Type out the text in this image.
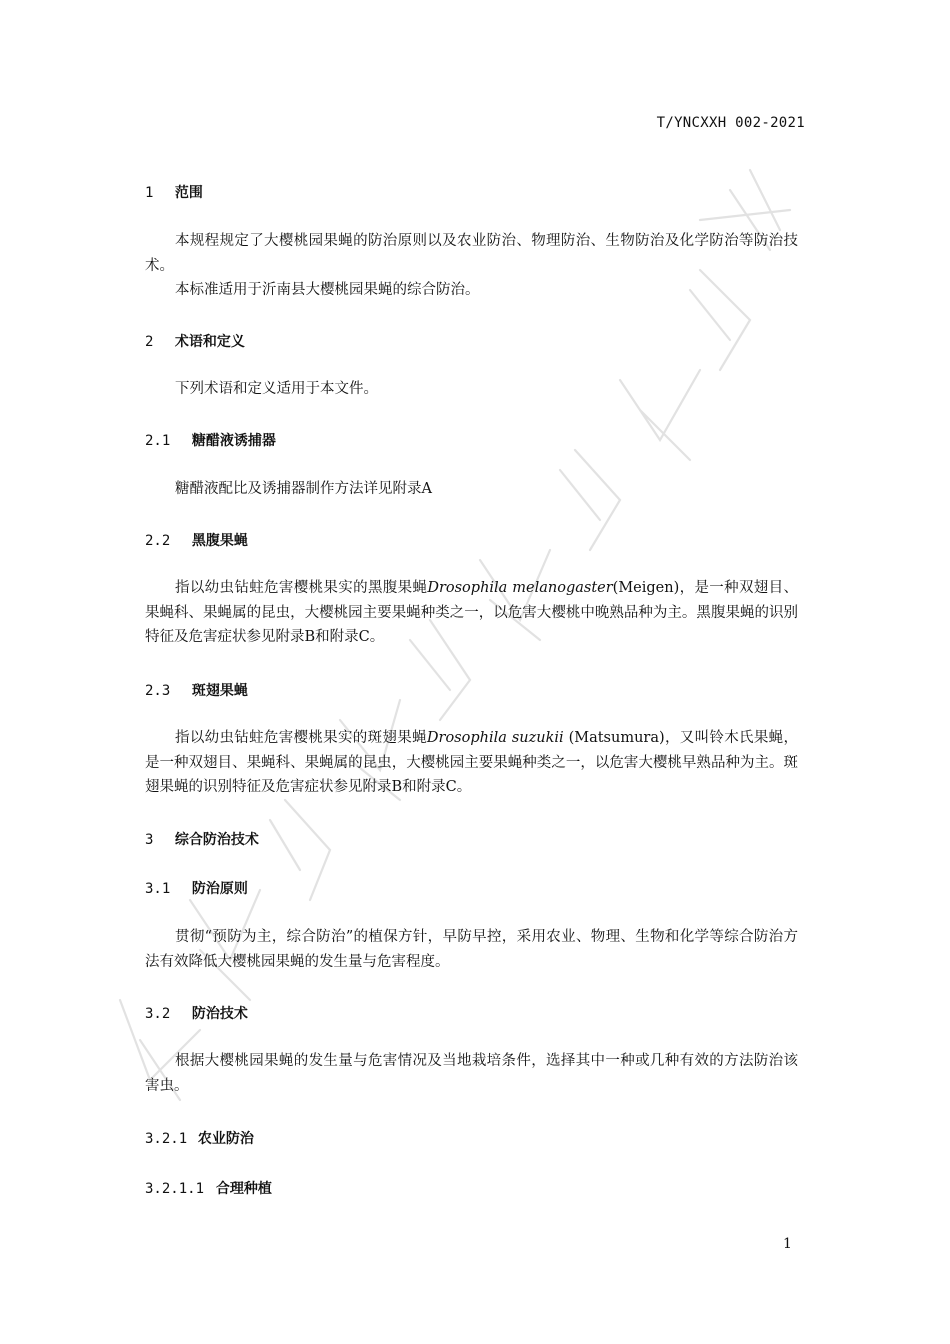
T/YNCXXH 002-2021
1 范围

本规程规定了大樱桃园果蝇的防治原则以及农业防治、物理防治、生物防治及化学防治等防治技术。

本标准适用于沂南县大樱桃园果蝇的综合防治。

2 术语和定义

下列术语和定义适用于本文件。

2.1 糖醋液诱捕器

糖醋液配比及诱捕器制作方法详见附录A

2.2 黑腹果蝇

指以幼虫钻蛀危害樱桃果实的黑腹果蝇Drosophila melanogaster(Meigen)，是一种双翅目、果蝇科、果蝇属的昆虫，大樱桃园主要果蝇种类之一，以危害大樱桃中晚熟品种为主。黑腹果蝇的识别特征及危害症状参见附录B和附录C。

2.3 斑翅果蝇

指以幼虫钻蛀危害樱桃果实的斑翅果蝇Drosophila suzukii (Matsumura)，又叫铃木氏果蝇，是一种双翅目、果蝇科、果蝇属的昆虫，大樱桃园主要果蝇种类之一，以危害大樱桃早熟品种为主。斑翅果蝇的识别特征及危害症状参见附录B和附录C。

3 综合防治技术
3.1 防治原则

贯彻“预防为主，综合防治”的植保方针，早防早控，采用农业、物理、生物和化学等综合防治方法有效降低大樱桃园果蝇的发生量与危害程度。

3.2 防治技术

根据大樱桃园果蝇的发生量与危害情况及当地栽培条件，选择其中一种或几种有效的方法防治该害虫。

3.2.1 农业防治
3.2.1.1 合理种植
1
